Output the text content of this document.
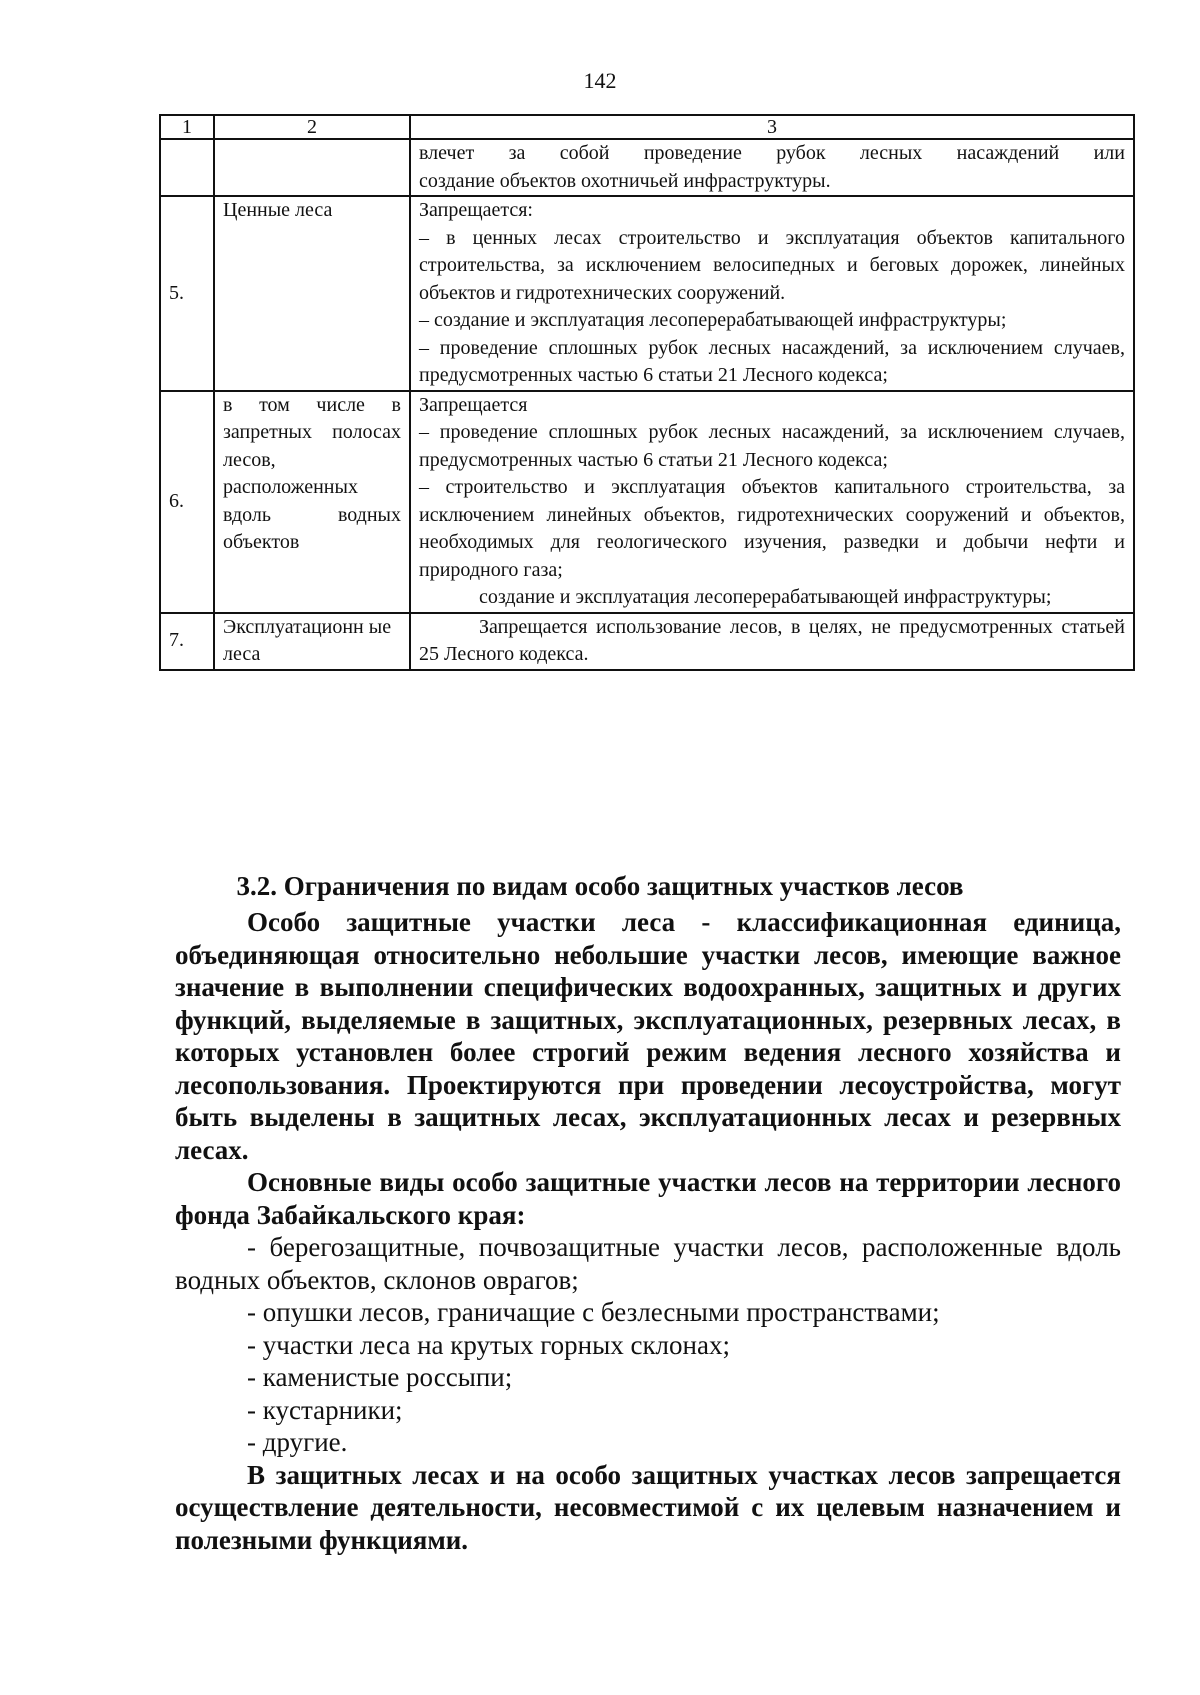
142
1	2	3

		влечет за собой проведение рубок лесных насаждений или
создание объектов охотничьей инфраструктуры.

5.	Ценные леса	Запрещается:
– в ценных лесах строительство и эксплуатация объектов капитального строительства, за исключением велосипедных и беговых дорожек, линейных объектов и гидротехнических сооружений.
– создание и эксплуатация лесоперерабатывающей инфраструктуры;
– проведение сплошных рубок лесных насаждений, за исключением случаев, предусмотренных частью 6 статьи 21 Лесного кодекса;

6.	в том числе в запретных полосах лесов, расположенных вдоль водных объектов	Запрещается
– проведение сплошных рубок лесных насаждений, за исключением случаев, предусмотренных частью 6 статьи 21 Лесного кодекса;
– строительство и эксплуатация объектов капитального строительства, за исключением линейных объектов, гидротехнических сооружений и объектов, необходимых для геологического изучения, разведки и добычи нефти и природного газа;
создание и эксплуатация лесоперерабатывающей инфраструктуры;

7.	Эксплуатационн ые леса	Запрещается использование лесов, в целях, не предусмотренных статьей 25 Лесного кодекса.
3.2. Ограничения по видам особо защитных участков лесов

Особо защитные участки леса - классификационная единица, объединяющая относительно небольшие участки лесов, имеющие важное значение в выполнении специфических водоохранных, защитных и других функций, выделяемые в защитных, эксплуатационных, резервных лесах, в которых установлен более строгий режим ведения лесного хозяйства и лесопользования. Проектируются при проведении лесоустройства, могут быть выделены в защитных лесах, эксплуатационных лесах и резервных лесах.

Основные виды особо защитные участки лесов на территории лесного фонда Забайкальского края:

- берегозащитные, почвозащитные участки лесов, расположенные вдоль водных объектов, склонов оврагов;

- опушки лесов, граничащие с безлесными пространствами;

- участки леса на крутых горных склонах;

- каменистые россыпи;

- кустарники;

- другие.

В защитных лесах и на особо защитных участках лесов запрещается осуществление деятельности, несовместимой с их целевым назначением и полезными функциями.
